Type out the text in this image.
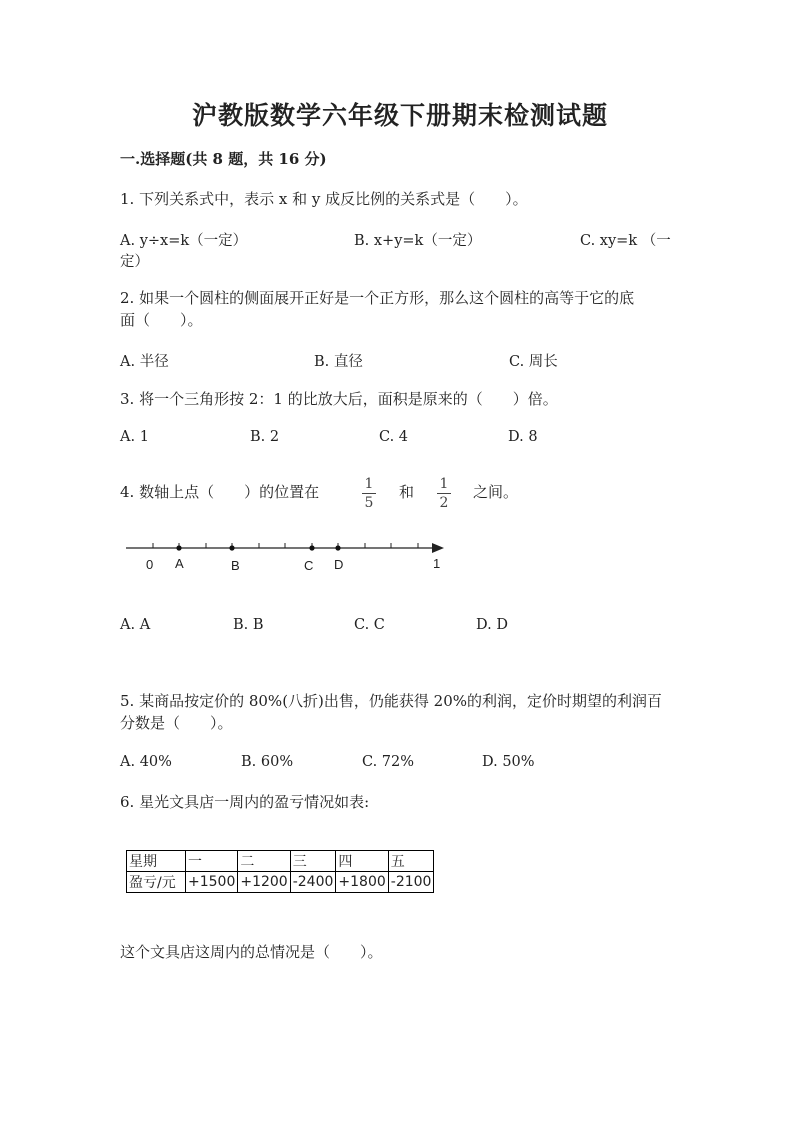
沪教版数学六年级下册期末检测试题
一.选择题(共 8 题，共 16 分)
1. 下列关系式中，表示 x 和 y 成反比例的关系式是（　　）。
A. y÷x=k（一定）	B. x+y=k（一定）	C. xy=k （一
定）
2. 如果一个圆柱的侧面展开正好是一个正方形，那么这个圆柱的高等于它的底
面（　　）。
A. 半径	B. 直径	C. 周长
3. 将一个三角形按 2：1 的比放大后，面积是原来的（　　）倍。
A. 1	B. 2	C. 4	D. 8
4. 数轴上点（　　）的位置在	1
5
和 1
2
之间。
0 A	B	C D	1
A. A	B. B	C. C	D. D
5. 某商品按定价的 80%(八折)出售，仍能获得 20%的利润，定价时期望的利润百
分数是（　　）。
A. 40%	B. 60%	C. 72%	D. 50%
6. 星光文具店一周内的盈亏情况如表:
星期	一	二	三	四	五
盈亏/元	+1500	+1200	-2400	+1800	-2100
这个文具店这周内的总情况是（　　）。
